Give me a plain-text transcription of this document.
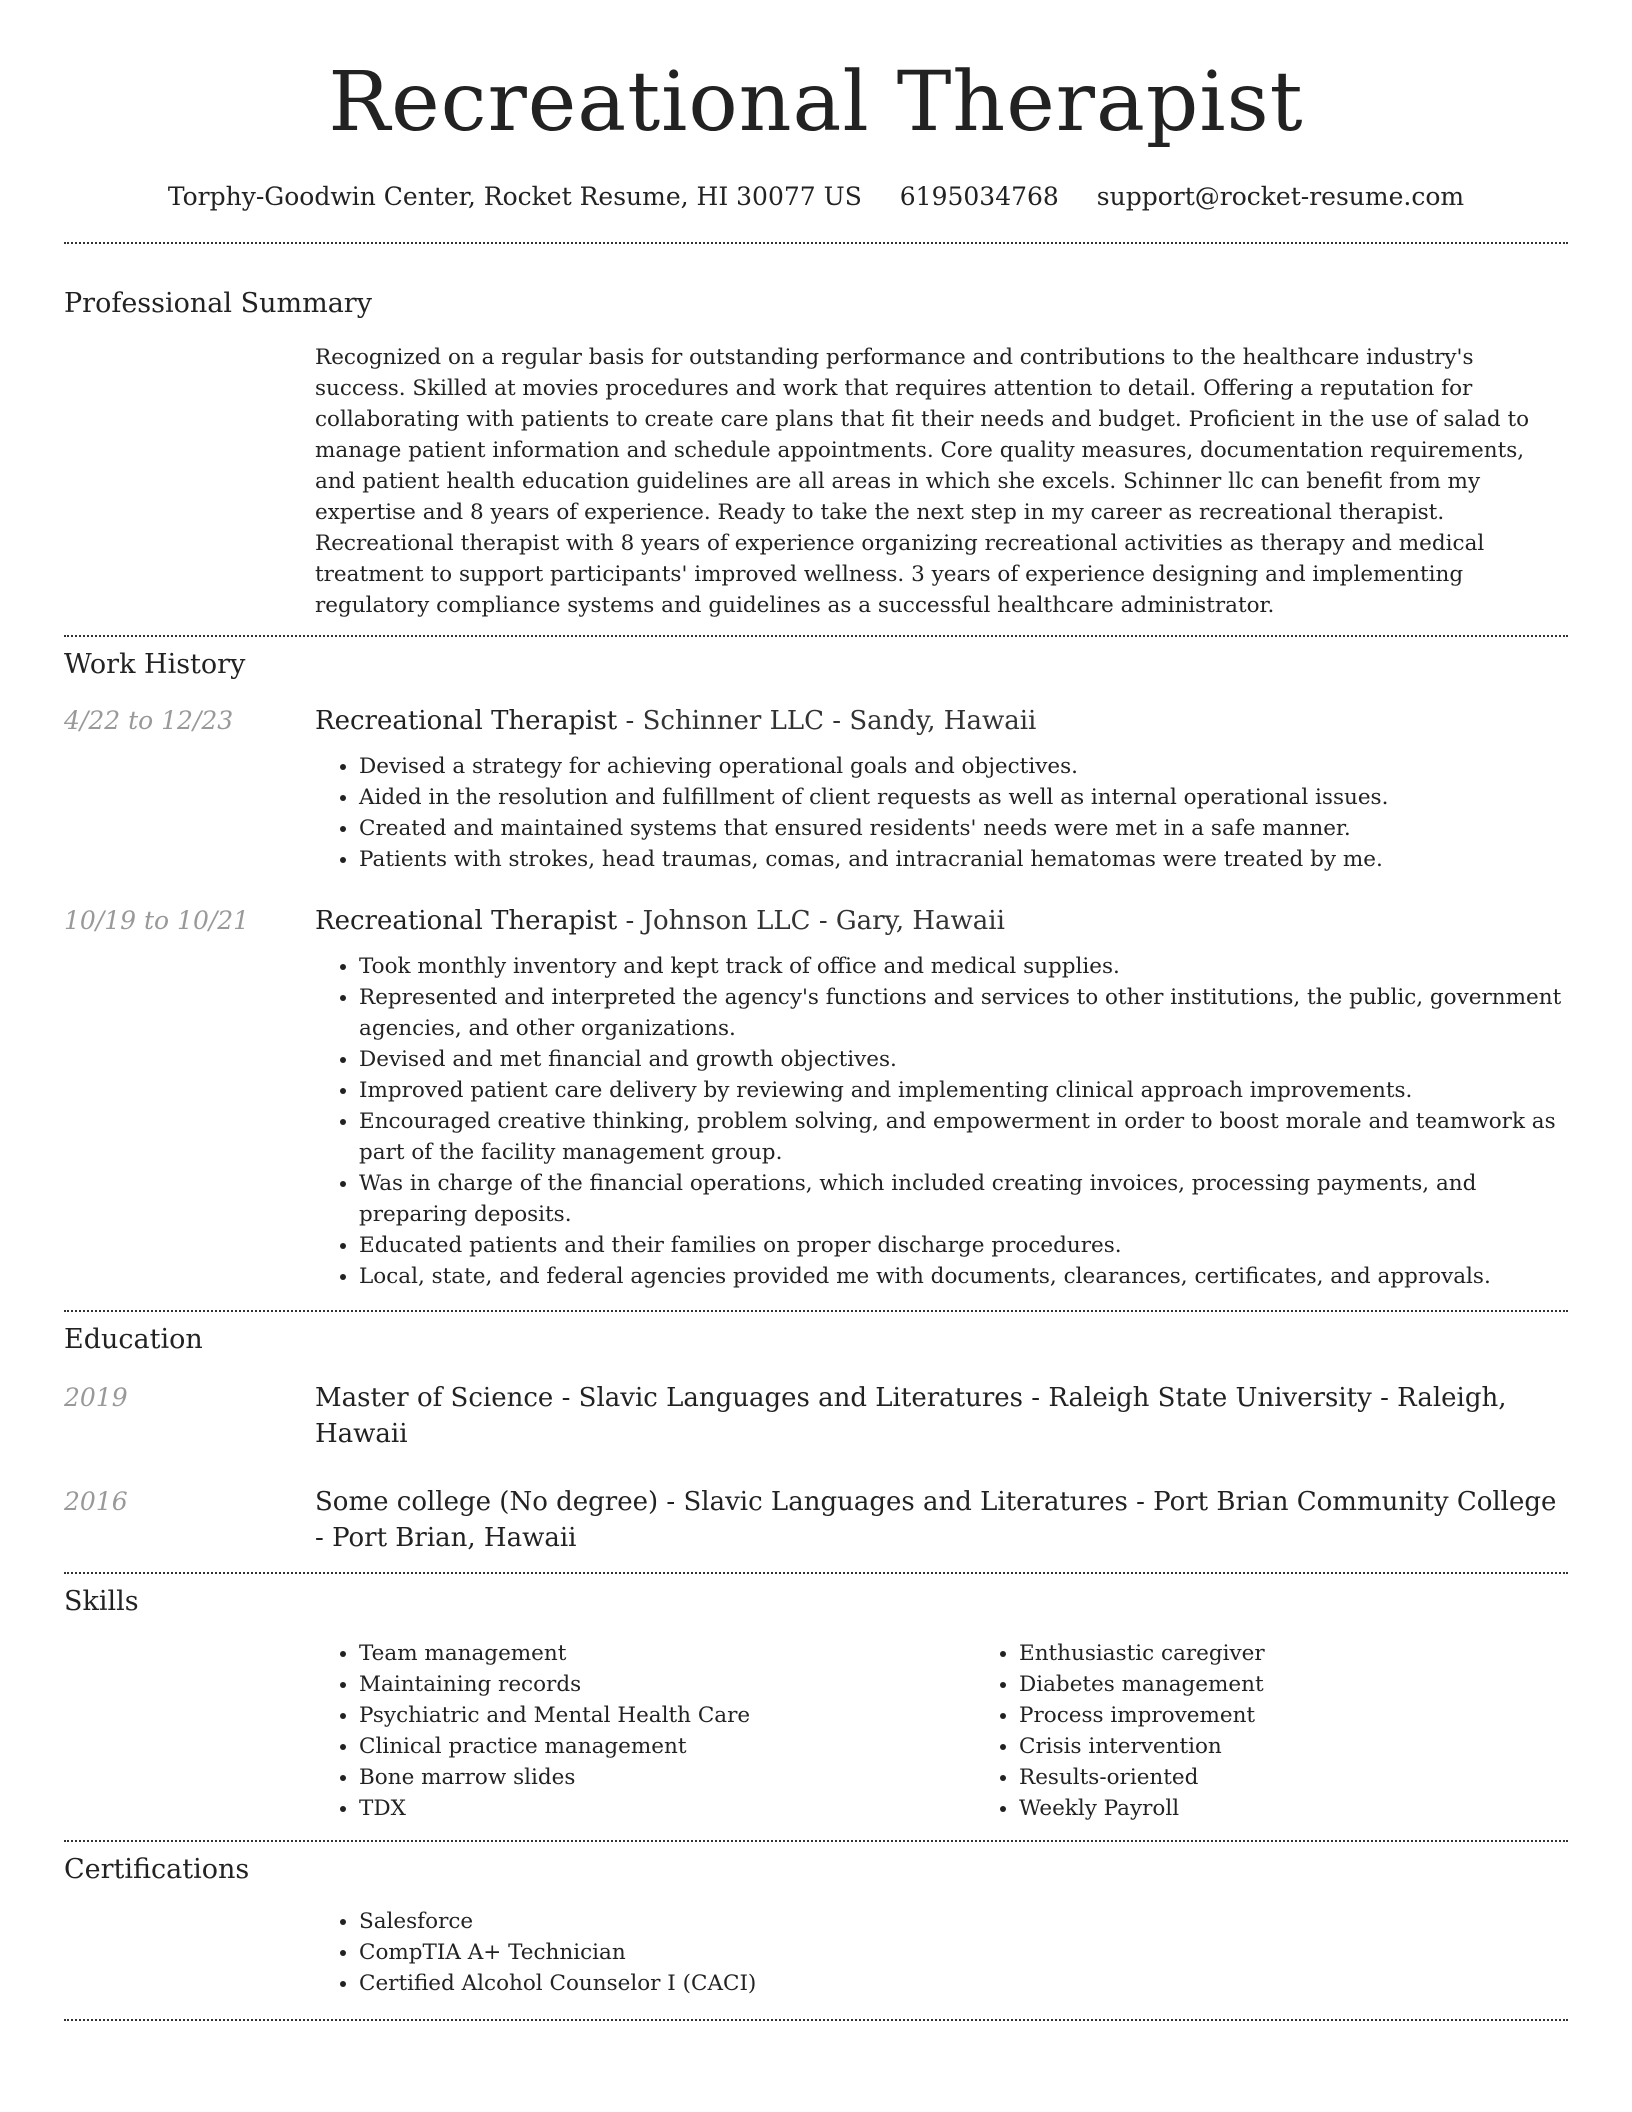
Recreational Therapist
Torphy-Goodwin Center, Rocket Resume, HI 30077 US 6195034768 support@rocket-resume.com
Professional Summary
Recognized on a regular basis for outstanding performance and contributions to the healthcare industry's success. Skilled at movies procedures and work that requires attention to detail. Offering a reputation for collaborating with patients to create care plans that fit their needs and budget. Proficient in the use of salad to manage patient information and schedule appointments. Core quality measures, documentation requirements, and patient health education guidelines are all areas in which she excels. Schinner llc can benefit from my expertise and 8 years of experience. Ready to take the next step in my career as recreational therapist. Recreational therapist with 8 years of experience organizing recreational activities as therapy and medical treatment to support participants' improved wellness. 3 years of experience designing and implementing regulatory compliance systems and guidelines as a successful healthcare administrator.
Work History
4/22 to 12/23	Recreational Therapist - Schinner LLC - Sandy, Hawaii
• Devised a strategy for achieving operational goals and objectives.
• Aided in the resolution and fulfillment of client requests as well as internal operational issues.
• Created and maintained systems that ensured residents' needs were met in a safe manner.
• Patients with strokes, head traumas, comas, and intracranial hematomas were treated by me.
10/19 to 10/21	Recreational Therapist - Johnson LLC - Gary, Hawaii
• Took monthly inventory and kept track of office and medical supplies.
• Represented and interpreted the agency's functions and services to other institutions, the public, government agencies, and other organizations.
• Devised and met financial and growth objectives.
• Improved patient care delivery by reviewing and implementing clinical approach improvements.
• Encouraged creative thinking, problem solving, and empowerment in order to boost morale and teamwork as part of the facility management group.
• Was in charge of the financial operations, which included creating invoices, processing payments, and preparing deposits.
• Educated patients and their families on proper discharge procedures.
• Local, state, and federal agencies provided me with documents, clearances, certificates, and approvals.
Education
2019	Master of Science - Slavic Languages and Literatures - Raleigh State University - Raleigh, Hawaii
2016	Some college (No degree) - Slavic Languages and Literatures - Port Brian Community College - Port Brian, Hawaii
Skills
• Team management
• Maintaining records
• Psychiatric and Mental Health Care
• Clinical practice management
• Bone marrow slides
• TDX
• Enthusiastic caregiver
• Diabetes management
• Process improvement
• Crisis intervention
• Results-oriented
• Weekly Payroll
Certifications
• Salesforce
• CompTIA A+ Technician
• Certified Alcohol Counselor I (CACI)
